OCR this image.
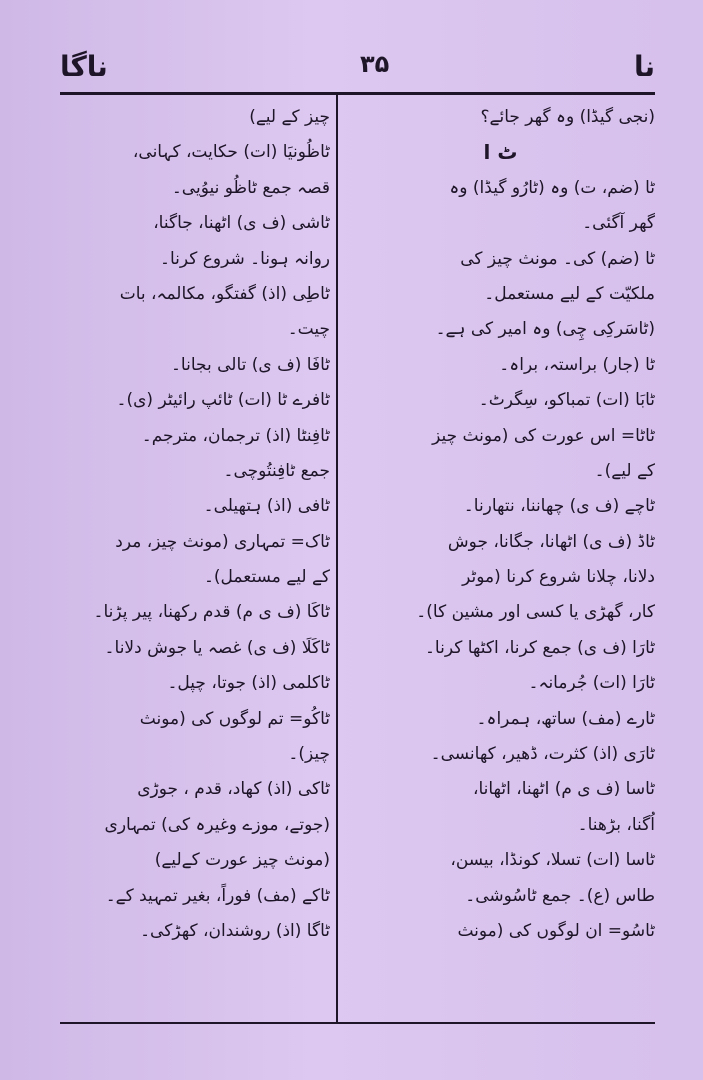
ناگا	۳۵	نا
(نجی گیڈا) وہ گھر جائے؟
ٹ ا
ٹا (ضم، ت) وہ (ٹارُو گیڈا) وہ
گھر آگئی۔
ٹا (ضم) کی۔ مونث چیز کی
ملکیّت کے لیے مستعمل۔
(ٹاسَرکِی چِی) وہ امیر کی ہے۔
ٹا (جار) براستہ، براہ۔
ٹابَا (ات) تمباکو، سِگرٹ۔
ٹاٹا= اس عورت کی (مونث چیز
کے لیے)۔
ٹاچے (ف ی) چھاننا، نتھارنا۔
ٹاڈ (ف ی) اٹھانا، جگانا، جوش
دلانا، چلانا شروع کرنا (موٹر
کار، گھڑی یا کسی اور مشین کا)۔
ٹارَا (ف ی) جمع کرنا، اکٹھا کرنا۔
ٹارَا (ات) جُرمانہ۔
ٹارے (مف) ساتھ، ہمراہ۔
ٹارَی (اذ) کثرت، ڈھیر، کھانسی۔
ٹاسا (ف ی م) اٹھنا، اٹھانا،
اُگنا، بڑھنا۔
ٹاسا (ات) تسلا، کونڈا، بیسن،
طاس (ع)۔ جمع ٹاسُوشی۔
ٹاسُو= ان لوگوں کی (مونث
چیز کے لیے)
ٹاظُونیَا (ات) حکایت، کہانی،
قصہ جمع ٹاظُو نیوُیی۔
ٹاشی (ف ی) اٹھنا، جاگنا،
روانہ ہونا۔ شروع کرنا۔
ٹاطِی (اذ) گفتگو، مکالمہ، بات
چیت۔
ٹافَا (ف ی) تالی بجانا۔
ٹافرے ٹا (ات) ٹائپ رائیٹر (ی)۔
ٹافِنٹا (اذ) ترجمان، مترجم۔
جمع ٹافِنتُوچی۔
ٹافی (اذ) ہتھیلی۔
ٹاک= تمہاری (مونث چیز، مرد
کے لیے مستعمل)۔
ٹاکَا (ف ی م) قدم رکھنا، پیر پڑنا۔
ٹاکَلَا (ف ی) غصہ یا جوش دلانا۔
ٹاکلمی (اذ) جوتا، چپل۔
ٹاکُو= تم لوگوں کی (مونث
چیز)۔
ٹاکی (اذ) کھاد، قدم ، جوڑی
(جوتے، موزے وغیرہ کی) تمہاری
(مونث چیز عورت کےلیے)
ٹاکے (مف) فوراً، بغیر تمہید کے۔
ٹاگا (اذ) روشندان، کھڑکی۔
